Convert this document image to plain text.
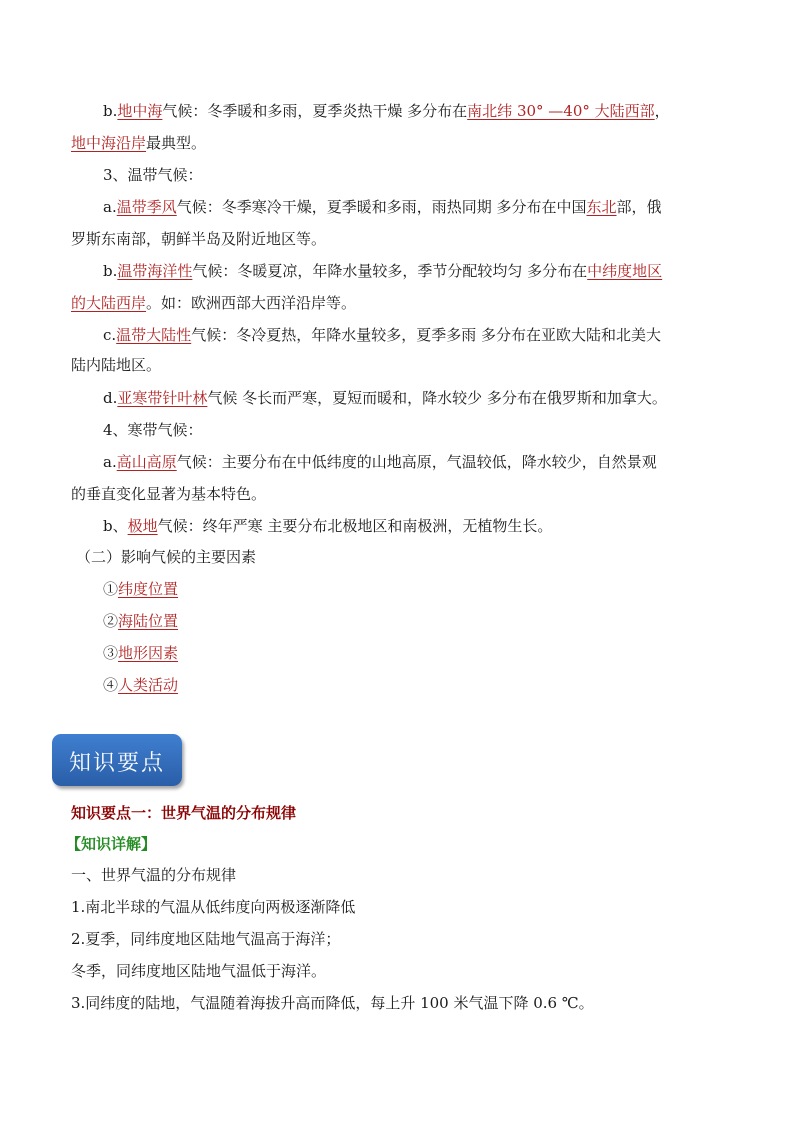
b.地中海气候：冬季暖和多雨，夏季炎热干燥 多分布在南北纬 30° —40° 大陆西部，
地中海沿岸最典型。
3、温带气候：
a.温带季风气候：冬季寒冷干燥，夏季暖和多雨，雨热同期 多分布在中国东北部，俄
罗斯东南部，朝鲜半岛及附近地区等。
b.温带海洋性气候：冬暖夏凉，年降水量较多，季节分配较均匀 多分布在中纬度地区
的大陆西岸。如：欧洲西部大西洋沿岸等。
c.温带大陆性气候：冬冷夏热，年降水量较多，夏季多雨 多分布在亚欧大陆和北美大
陆内陆地区。
d.亚寒带针叶林气候 冬长而严寒，夏短而暖和，降水较少 多分布在俄罗斯和加拿大。
4、寒带气候：
a.高山高原气候：主要分布在中低纬度的山地高原，气温较低，降水较少，自然景观
的垂直变化显著为基本特色。
b、极地气候：终年严寒 主要分布北极地区和南极洲，无植物生长。
（二）影响气候的主要因素
①纬度位置
②海陆位置
③地形因素
④人类活动
知识要点
知识要点一：世界气温的分布规律
【知识详解】
一、世界气温的分布规律
1.南北半球的气温从低纬度向两极逐渐降低
2.夏季，同纬度地区陆地气温高于海洋；
冬季，同纬度地区陆地气温低于海洋。
3.同纬度的陆地，气温随着海拔升高而降低，每上升 100 米气温下降 0.6 ℃。
